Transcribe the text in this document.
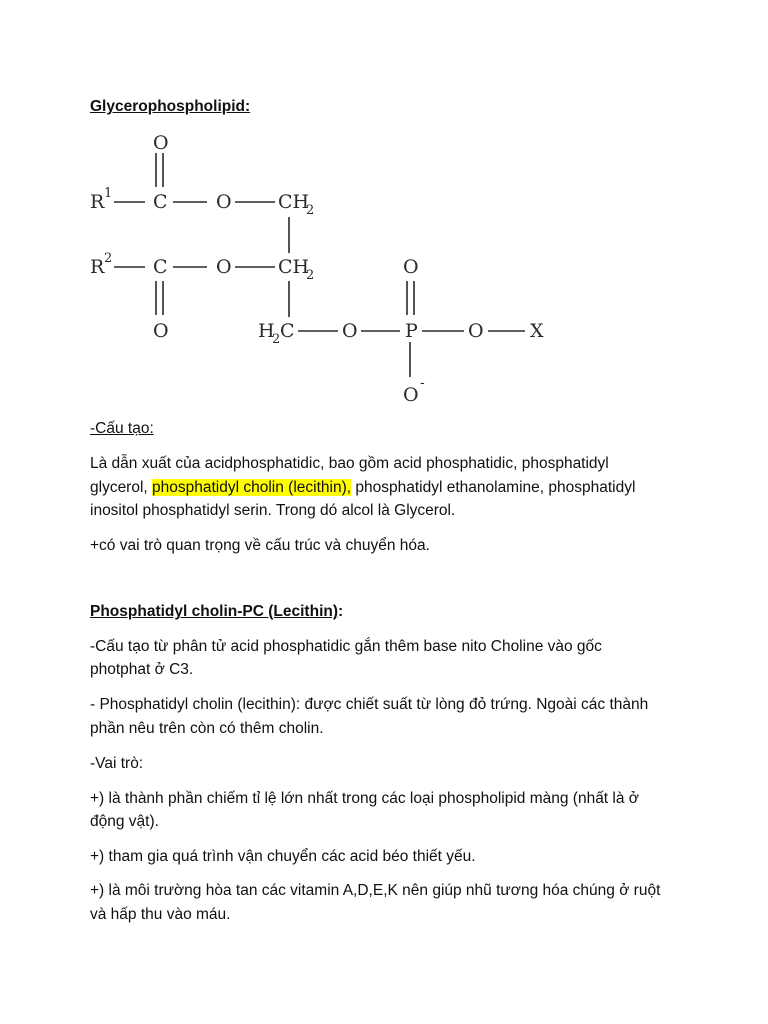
Glycerophospholipid:

O
R 1 C	O CH
2
R 2 C	O CH
2	O
O	H
2 C O P	O X
O
-

-Cấu tạo:

Là dẫn xuất của acidphosphatidic, bao gồm acid phosphatidic, phosphatidyl

glycerol, phosphatidyl cholin (lecithin), phosphatidyl ethanolamine, phosphatidyl

inositol phosphatidyl serin. Trong dó alcol là Glycerol.

+có vai trò quan trọng về cấu trúc và chuyển hóa.

Phosphatidyl cholin-PC (Lecithin):

-Cấu tạo từ phân tử acid phosphatidic gắn thêm base nito Choline vào gốc

photphat ở C3.

- Phosphatidyl cholin (lecithin): được chiết suất từ lòng đỏ trứng. Ngoài các thành

phần nêu trên còn có thêm cholin.

-Vai trò:

+) là thành phần chiếm tỉ lệ lớn nhất trong các loại phospholipid màng (nhất là ở

động vật).

+) tham gia quá trình vận chuyển các acid béo thiết yếu.

+) là môi trường hòa tan các vitamin A,D,E,K nên giúp nhũ tương hóa chúng ở ruột

và hấp thu vào máu.
